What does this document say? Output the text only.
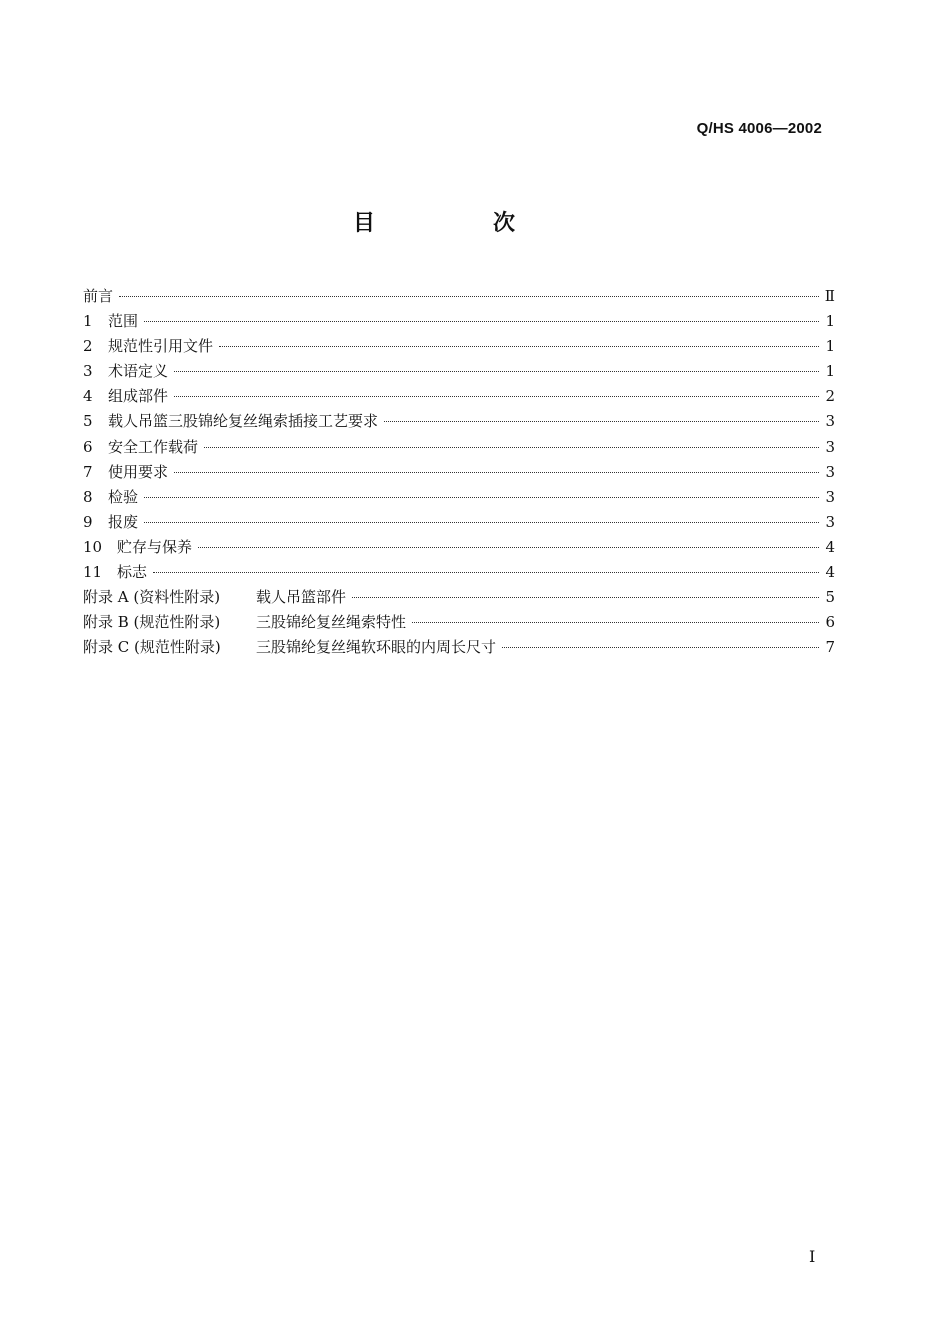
Q/HS 4006—2002
目　次
前言	Ⅱ
1	范围	1
2	规范性引用文件	1
3	术语定义	1
4	组成部件	2
5	载人吊篮三股锦纶复丝绳索插接工艺要求	3
6	安全工作载荷	3
7	使用要求	3
8	检验	3
9	报废	3
10 贮存与保养	4
11 标志	4
附录 A (资料性附录)	载人吊篮部件	5
附录 B (规范性附录)	三股锦纶复丝绳索特性	6
附录 C (规范性附录)	三股锦纶复丝绳软环眼的内周长尺寸	7
Ⅰ
